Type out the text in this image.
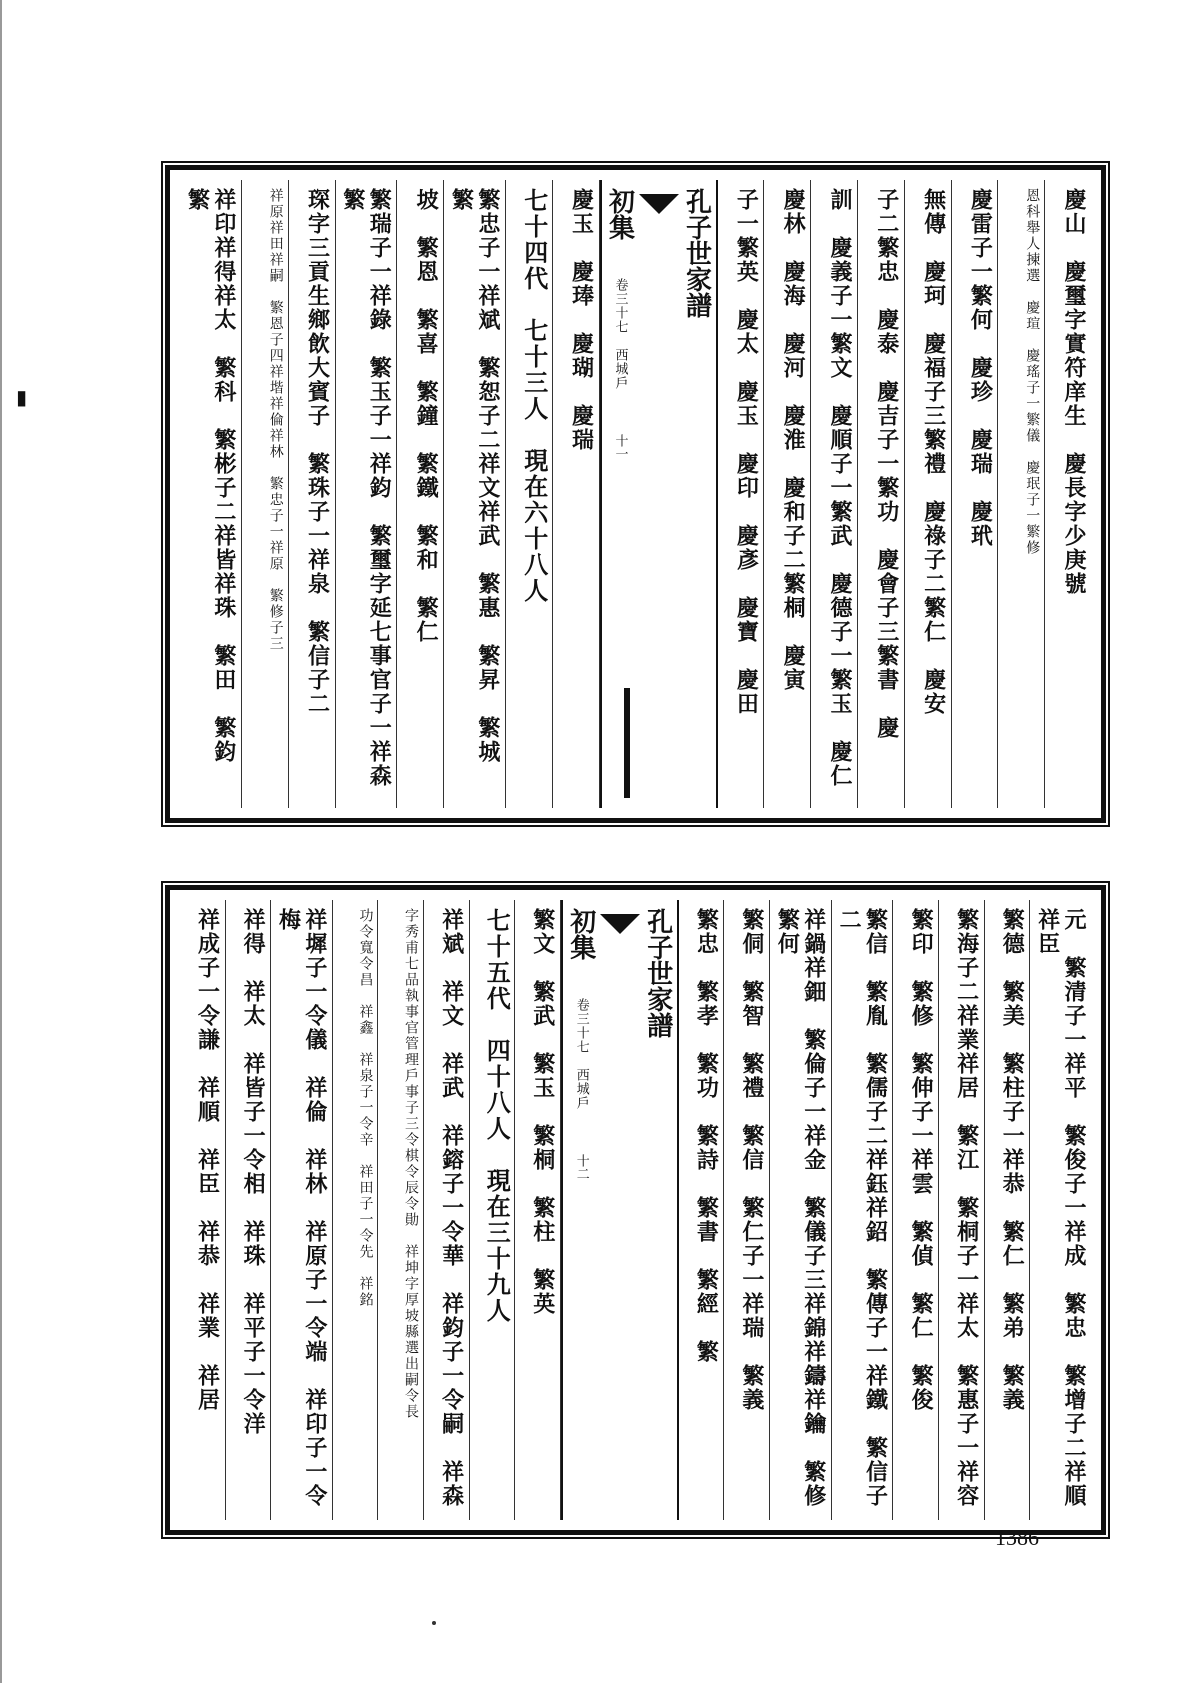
▮	慶山　慶璽字實符庠生　慶長字少庚號
恩科舉人揀選　慶瑄　慶瑤子一繁儀　慶珉子一繁修
慶雷子一繁何　慶珍　慶瑞　慶玳
無傳　慶珂　慶福子三繁禮　慶祿子二繁仁　慶安
子二繁忠　慶泰　慶吉子一繁功　慶會子三繁書　慶
訓　慶義子一繁文　慶順子一繁武　慶德子一繁玉　慶仁
慶林　慶海　慶河　慶淮　慶和子二繁桐　慶寅
子一繁英　慶太　慶玉　慶印　慶彥　慶寶　慶田
孔子世家譜
初集 卷三十七　西城戶 十一
慶玉　慶琫　慶瑚　慶瑞
七十四代　七十三人　現在六十八人
繁忠子一祥斌　繁恕子二祥文祥武　繁惠　繁昇　繁城　繁
坡　繁恩　繁喜　繁鐘　繁鐵　繁和　繁仁
繁瑞子一祥錄　繁玉子一祥鈞　繁璽字延七事官子一祥森　繁
琛字三貢生鄉飲大賓子　繁珠子一祥泉　繁信子二
祥原祥田祥嗣　繁恩子四祥堦祥倫祥林　繁忠子一祥原　繁修子三
祥印祥得祥太　繁科　繁彬子二祥皆祥珠　繁田　繁鈞　繁
元　繁清子一祥平　繁俊子一祥成　繁忠　繁增子二祥順祥臣
繁德　繁美　繁柱子一祥恭　繁仁　繁弟　繁義
繁海子二祥業祥居　繁江　繁桐子一祥太　繁惠子一祥容
繁印　繁修　繁伸子一祥雲　繁偵　繁仁　繁俊
繁信　繁胤　繁儒子二祥鈺祥鉊　繁傳子一祥鐵　繁信子二
祥鍋祥鈿　繁倫子一祥金　繁儀子三祥錦祥鑄祥鑰　繁修　繁何
繁侗　繁智　繁禮　繁信　繁仁子一祥瑞　繁義
繁忠　繁孝　繁功　繁詩　繁書　繁經　繁
孔子世家譜
初集 卷三十七　西城戶 十二
繁文　繁武　繁玉　繁桐　繁柱　繁英
七十五代　四十八人　現在三十九人
祥斌　祥文　祥武　祥鎔子一令華　祥鈞子一令嗣　祥森
字秀甫七品執事官管理戶事子三令棋令辰令勛　祥坤字厚坡縣選出嗣令長
功令寬令昌　祥鑫　祥泉子一令辛　祥田子一令先　祥銘
祥墀子一令儀　祥倫　祥林　祥原子一令端　祥印子一令梅
祥得　祥太　祥皆子一令相　祥珠　祥平子一令洋
祥成子一令謙　祥順　祥臣　祥恭　祥業　祥居
1386
